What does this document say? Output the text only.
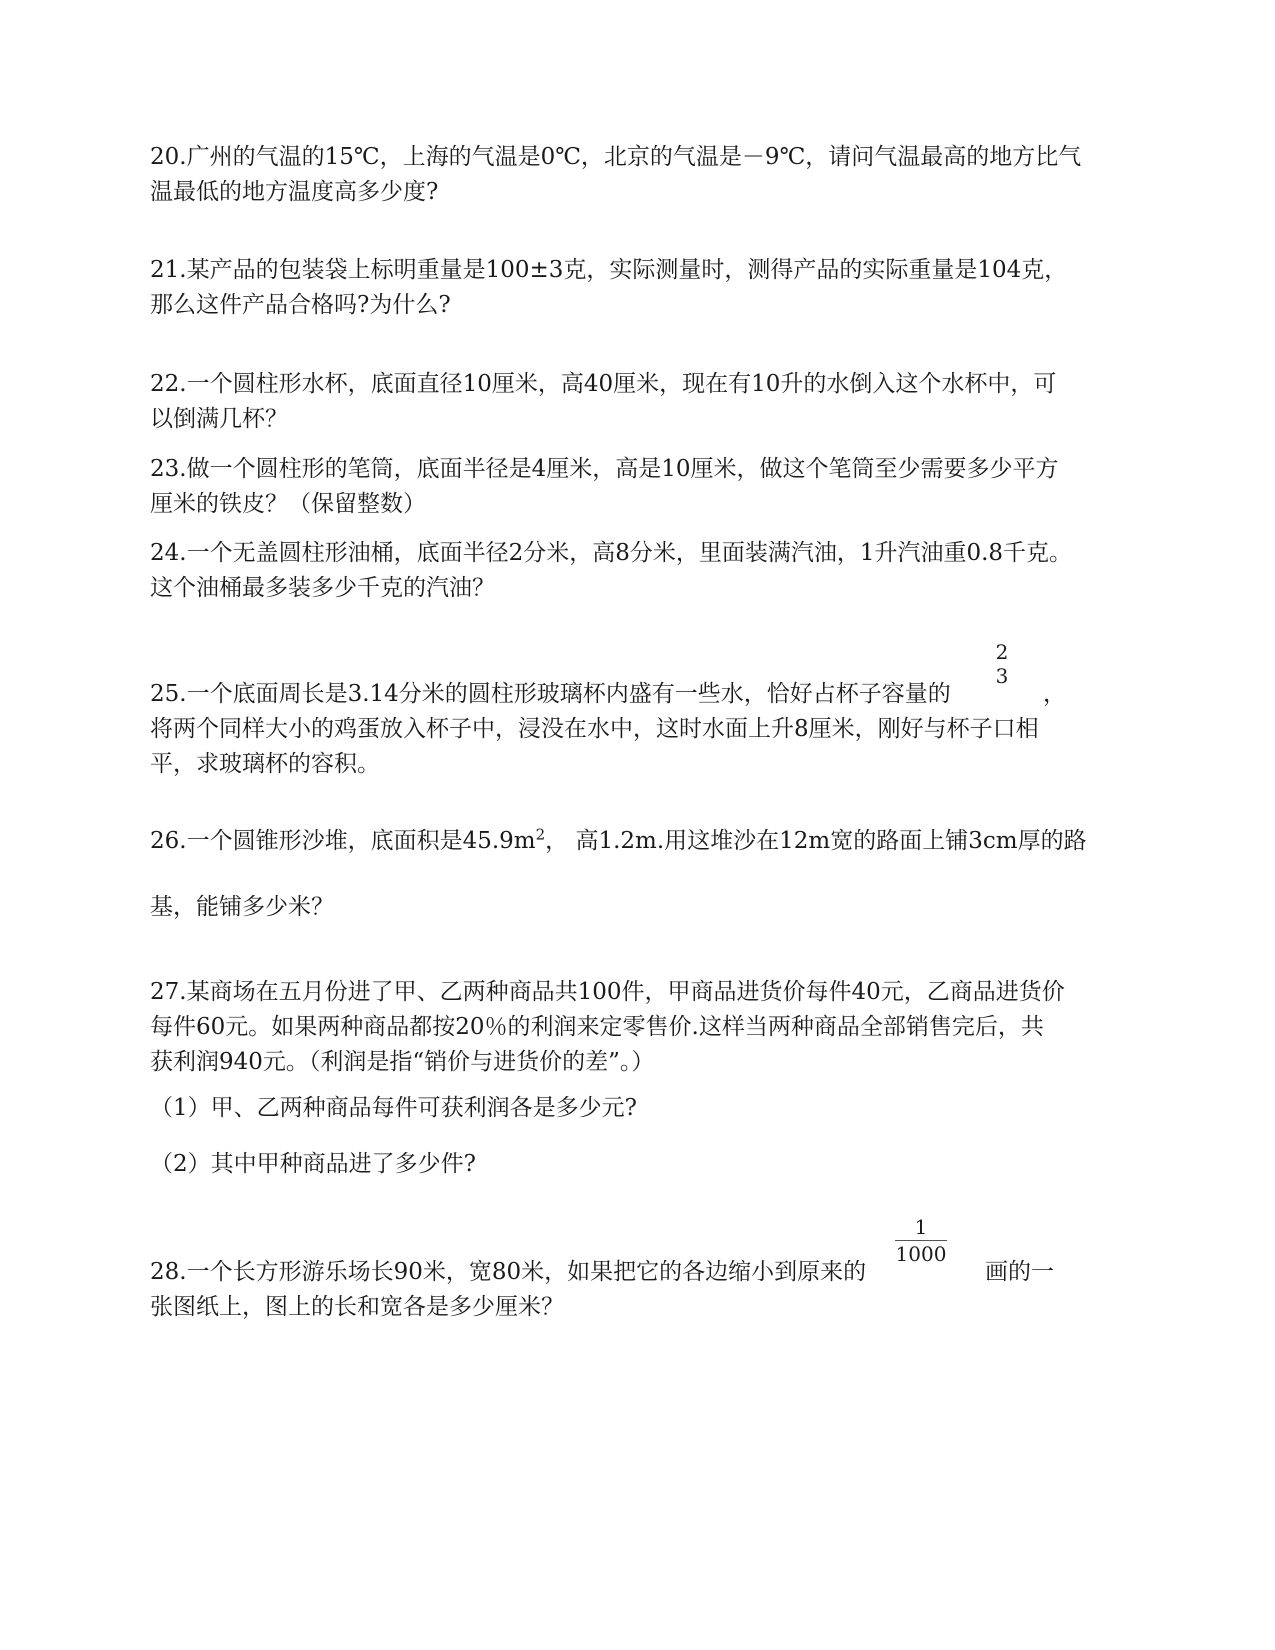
20.广州的气温的15℃，上海的气温是0℃，北京的气温是－9℃，请问气温最高的地方比气
温最低的地方温度高多少度?
21.某产品的包装袋上标明重量是100±3克，实际测量时，测得产品的实际重量是104克，
那么这件产品合格吗?为什么?
22.一个圆柱形水杯，底面直径10厘米，高40厘米，现在有10升的水倒入这个水杯中，可
以倒满几杯？
23.做一个圆柱形的笔筒，底面半径是4厘米，高是10厘米，做这个笔筒至少需要多少平方
厘米的铁皮？（保留整数）
24.一个无盖圆柱形油桶，底面半径2分米，高8分米，里面装满汽油，1升汽油重0.8千克。
这个油桶最多装多少千克的汽油？
2
3
25.一个底面周长是3.14分米的圆柱形玻璃杯内盛有一些水，恰好占杯子容量的	，
将两个同样大小的鸡蛋放入杯子中，浸没在水中，这时水面上升8厘米，刚好与杯子口相
平，求玻璃杯的容积。
26.一个圆锥形沙堆，底面积是$45.9m^2$， 高1.2m.用这堆沙在12m宽的路面上铺3cm厚的路
基，能铺多少米？
27.某商场在五月份进了甲、乙两种商品共100件，甲商品进货价每件40元，乙商品进货价
每件60元。如果两种商品都按20％的利润来定零售价.这样当两种商品全部销售完后，共
获利润940元。（利润是指“销价与进货价的差”。）
（1）甲、乙两种商品每件可获利润各是多少元?
（2）其中甲种商品进了多少件?
1
1000
28.一个长方形游乐场长90米，宽80米，如果把它的各边缩小到原来的	画的一
张图纸上，图上的长和宽各是多少厘米？
